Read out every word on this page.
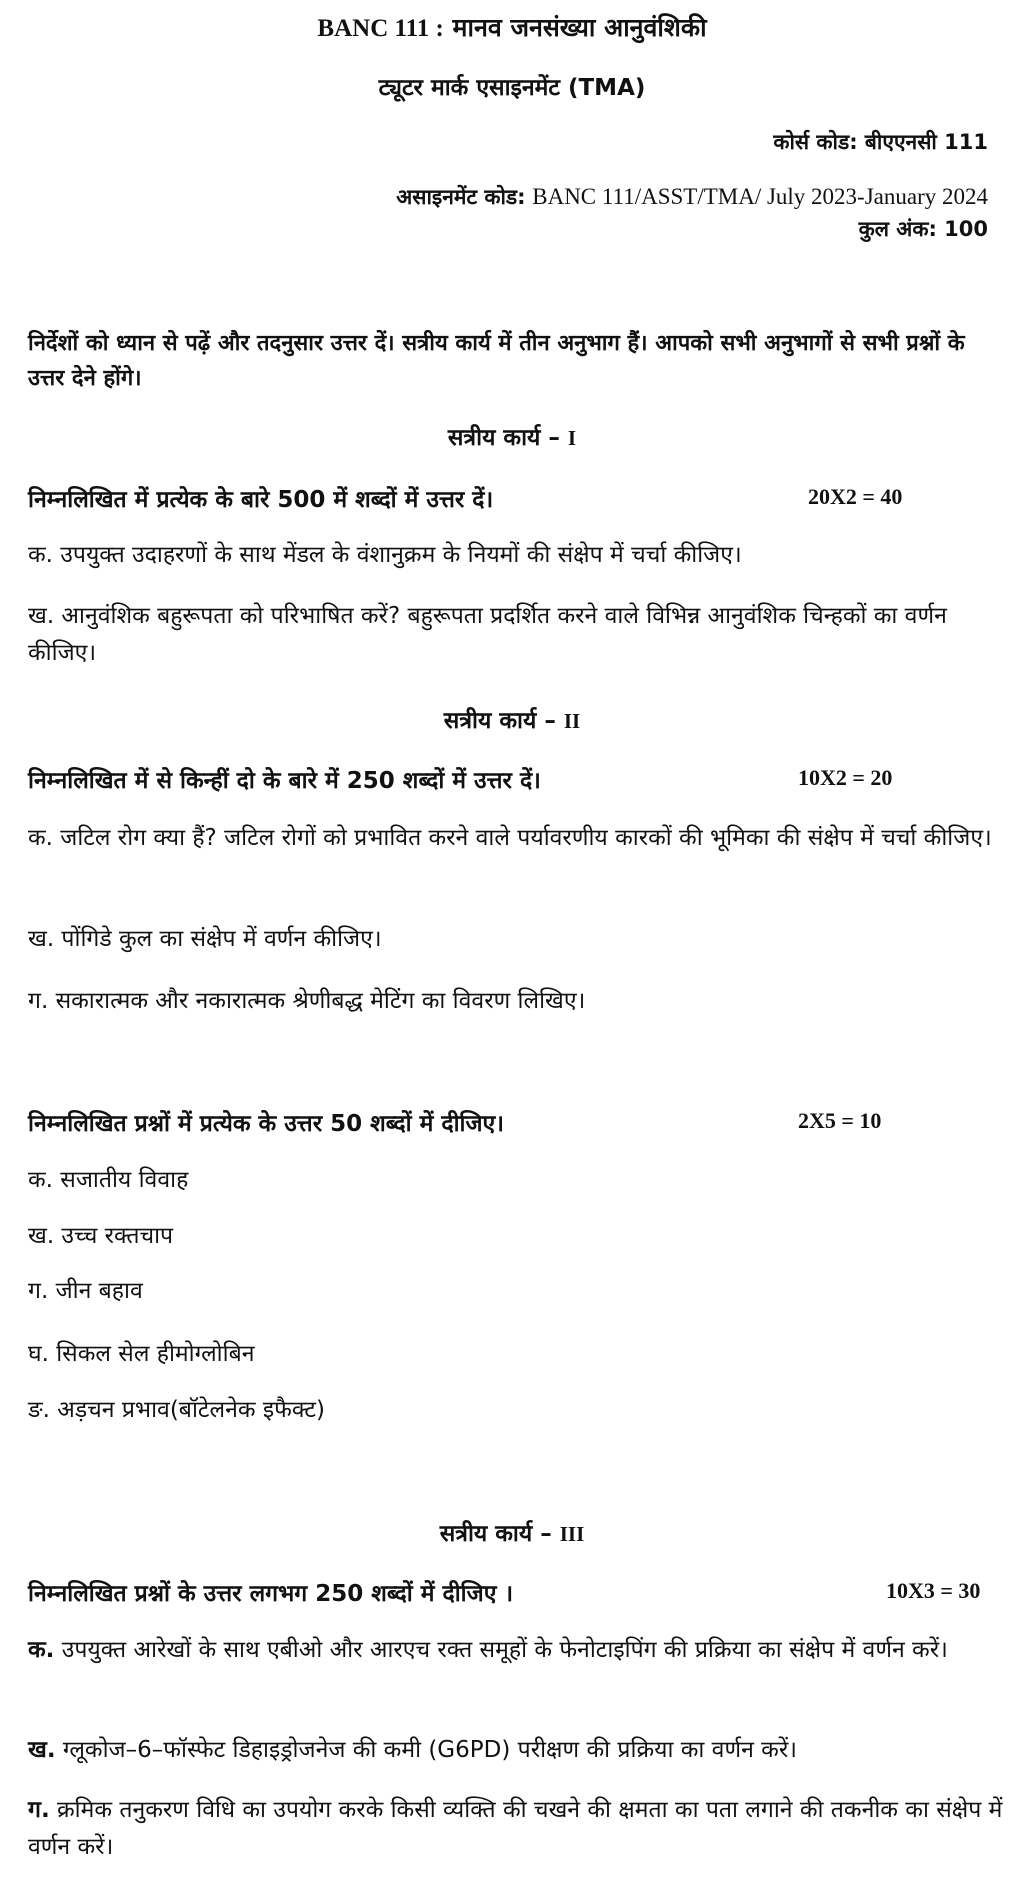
BANC 111 : मानव जनसंख्या आनुवंशिकी
ट्यूटर मार्क एसाइनमेंट (TMA)
कोर्स कोड: बीएएनसी 111
असाइनमेंट कोड: BANC 111/ASST/TMA/ July 2023-January 2024
कुल अंक: 100
निर्देशों को ध्यान से पढ़ें और तदनुसार उत्तर दें। सत्रीय कार्य में तीन अनुभाग हैं। आपको सभी अनुभागों से सभी प्रश्नों के उत्तर देने होंगे।
सत्रीय कार्य – I
निम्नलिखित में प्रत्येक के बारे 500 में शब्दों में उत्तर दें।	20X2 = 40
क. उपयुक्त उदाहरणों के साथ मेंडल के वंशानुक्रम के नियमों की संक्षेप में चर्चा कीजिए।
ख. आनुवंशिक बहुरूपता को परिभाषित करें? बहुरूपता प्रदर्शित करने वाले विभिन्न आनुवंशिक चिन्हकों का वर्णन कीजिए।
सत्रीय कार्य – II
निम्नलिखित में से किन्हीं दो के बारे में 250 शब्दों में उत्तर दें।	10X2 = 20
क. जटिल रोग क्या हैं? जटिल रोगों को प्रभावित करने वाले पर्यावरणीय कारकों की भूमिका की संक्षेप में चर्चा कीजिए।
ख. पोंगिडे कुल का संक्षेप में वर्णन कीजिए।
ग. सकारात्मक और नकारात्मक श्रेणीबद्ध मेटिंग का विवरण लिखिए।
निम्नलिखित प्रश्नों में प्रत्येक के उत्तर 50 शब्दों में दीजिए।	2X5 = 10
क. सजातीय विवाह
ख. उच्च रक्तचाप
ग. जीन बहाव
घ. सिकल सेल हीमोग्लोबिन
ङ. अड़चन प्रभाव(बॉटेलनेक इफैक्ट)
सत्रीय कार्य – III
निम्नलिखित प्रश्नों के उत्तर लगभग 250 शब्दों में दीजिए ।	10X3 = 30
क. उपयुक्त आरेखों के साथ एबीओ और आरएच रक्त समूहों के फेनोटाइपिंग की प्रक्रिया का संक्षेप में वर्णन करें।
ख. ग्लूकोज–6–फॉस्फेट डिहाइड्रोजनेज की कमी (G6PD) परीक्षण की प्रक्रिया का वर्णन करें।
ग. क्रमिक तनुकरण विधि का उपयोग करके किसी व्यक्ति की चखने की क्षमता का पता लगाने की तकनीक का संक्षेप में वर्णन करें।
